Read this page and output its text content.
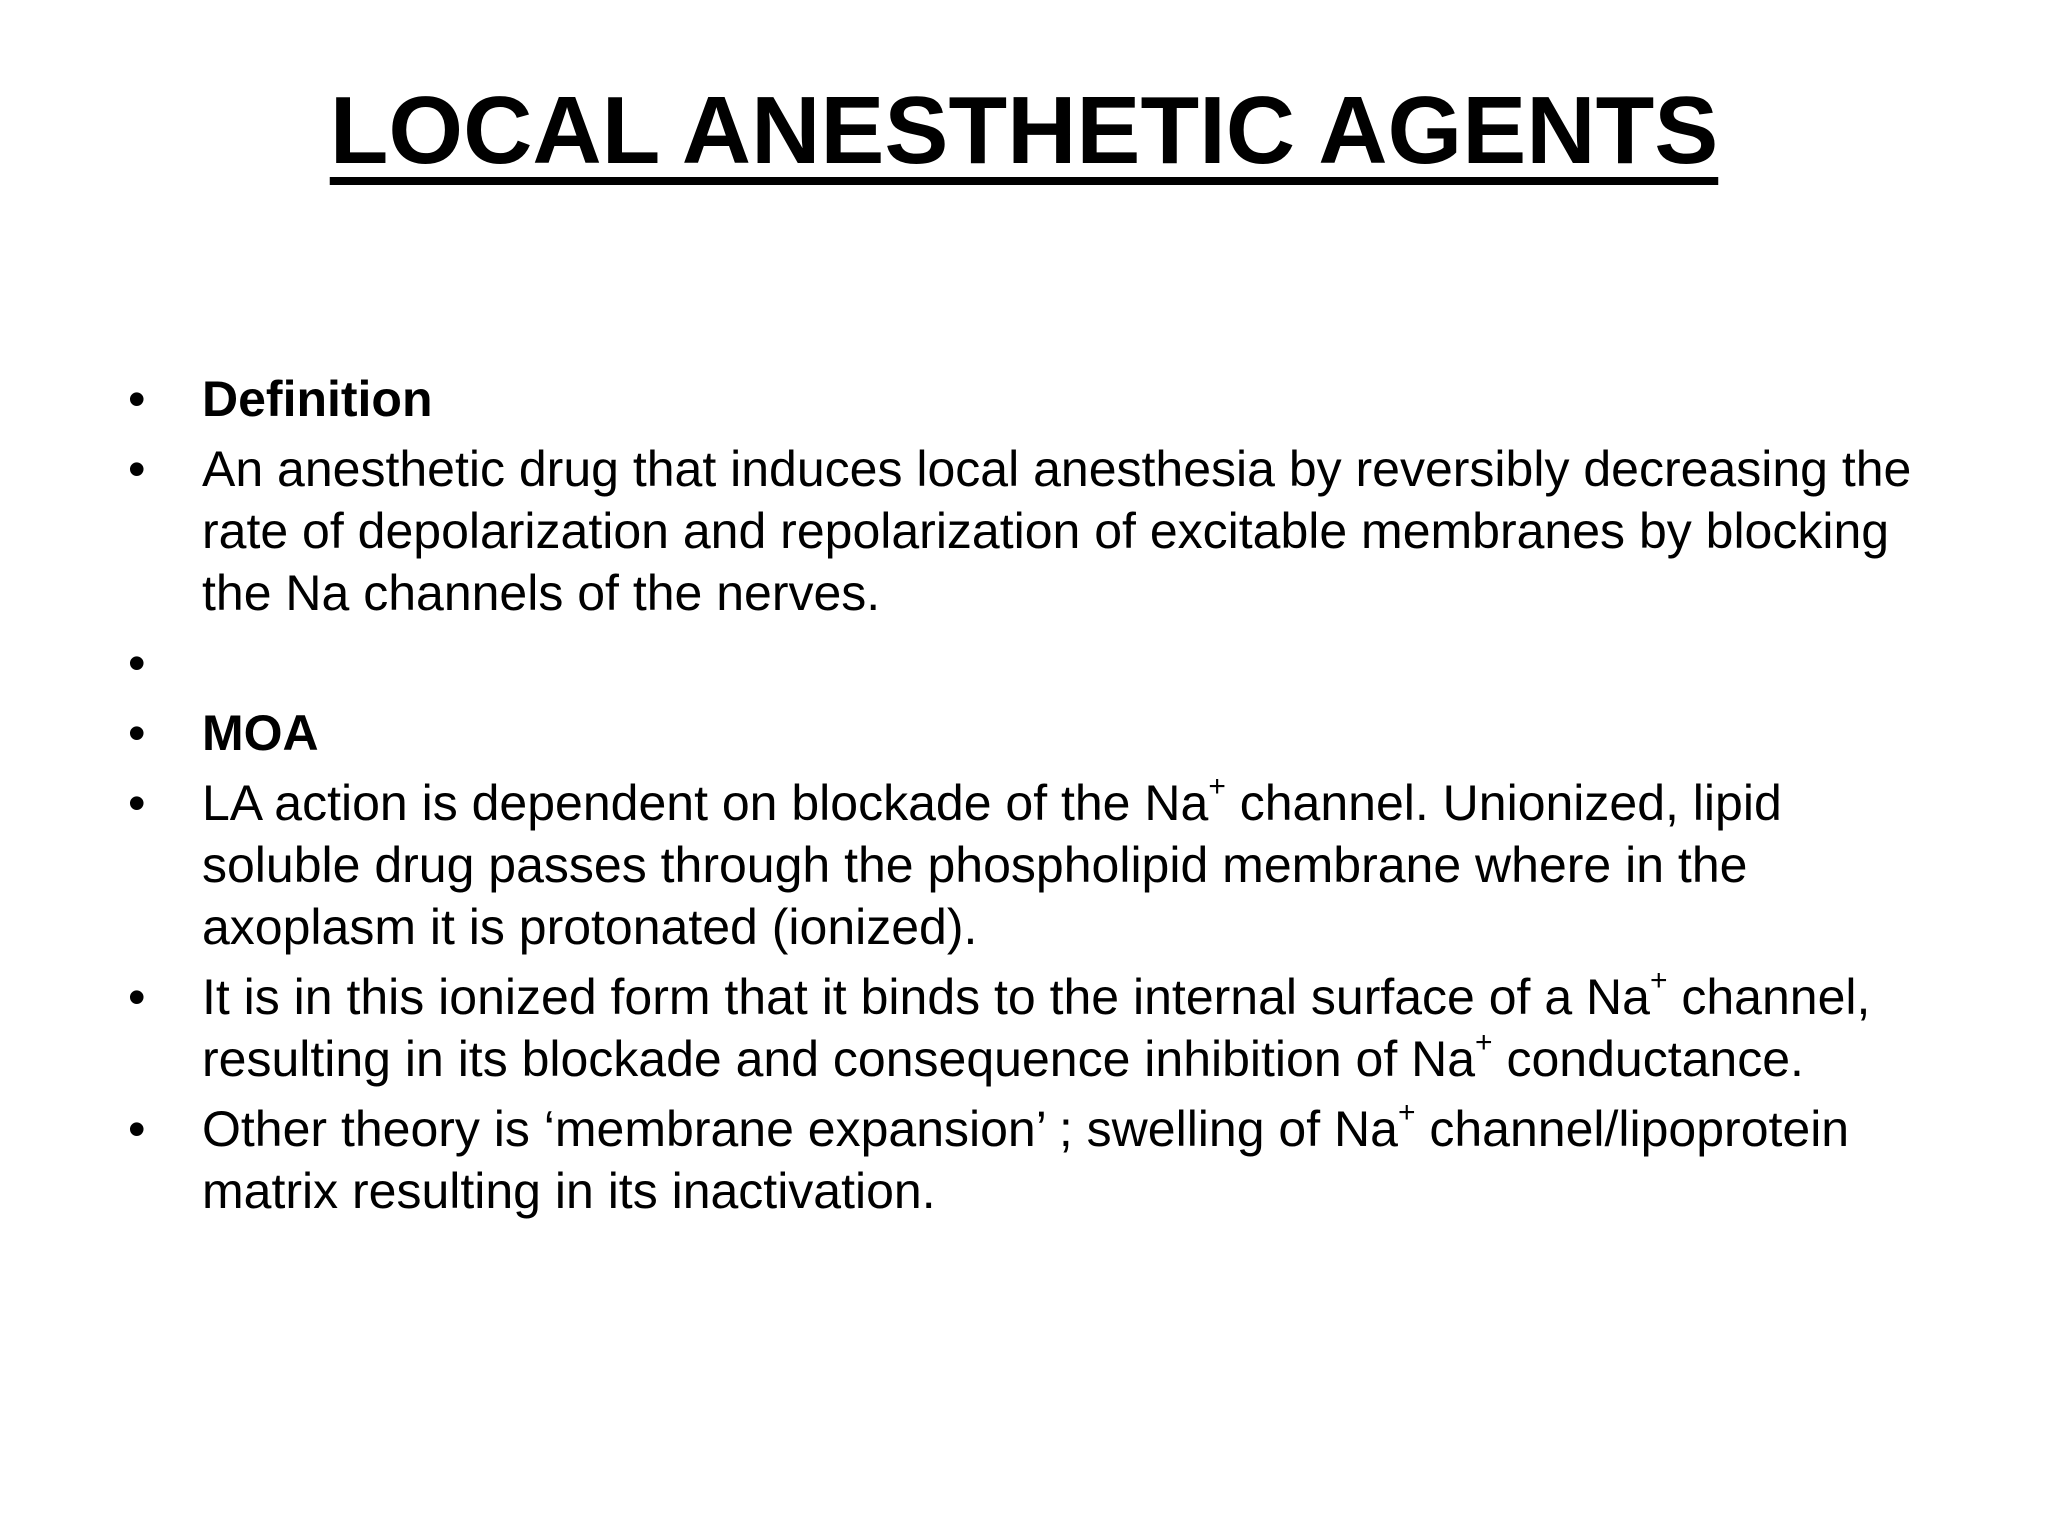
LOCAL ANESTHETIC AGENTS
•	Definition
•	An anesthetic drug that induces local anesthesia by reversibly decreasing the rate of depolarization and repolarization of excitable membranes by blocking the Na channels of the nerves.
•
•	MOA
•	LA action is dependent on blockade of the Na+ channel. Unionized, lipid soluble drug passes through the phospholipid membrane where in the axoplasm it is protonated (ionized).
•	It is in this ionized form that it binds to the internal surface of a Na+ channel, resulting in its blockade and consequence inhibition of Na+ conductance.
•	Other theory is ‘membrane expansion’ ; swelling of Na+ channel/lipoprotein matrix resulting in its inactivation.
